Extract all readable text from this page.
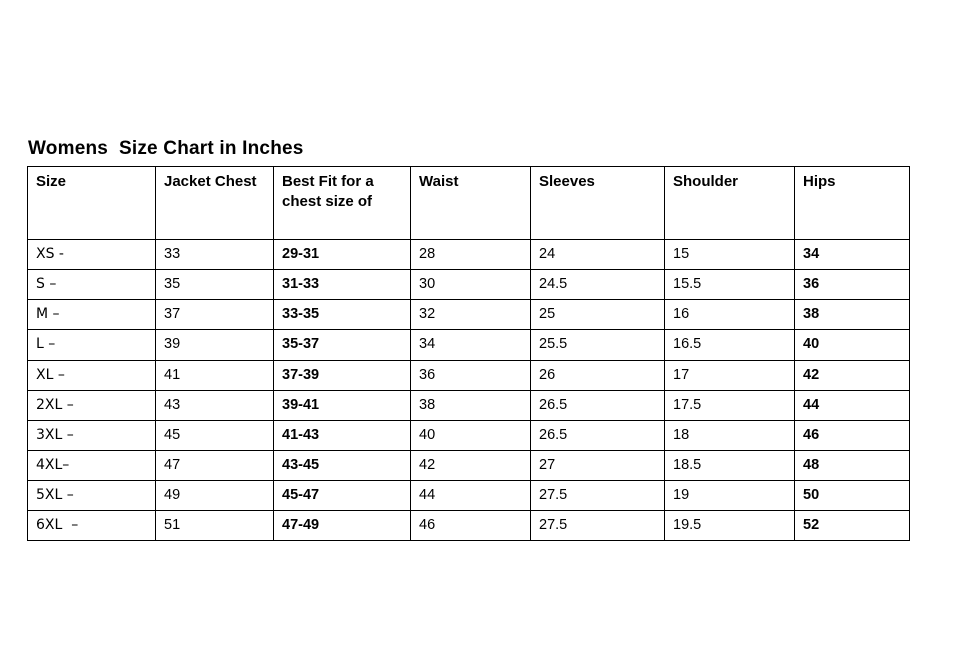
Womens  Size Chart in Inches
Size	Jacket Chest	Best Fit for a chest size of	Waist	Sleeves	Shoulder	Hips
XS -	33	29-31	28	24	15	34
S –	35	31-33	30	24.5	15.5	36
M –	37	33-35	32	25	16	38
L –	39	35-37	34	25.5	16.5	40
XL –	41	37-39	36	26	17	42
2XL –	43	39-41	38	26.5	17.5	44
3XL –	45	41-43	40	26.5	18	46
4XL–	47	43-45	42	27	18.5	48
5XL –	49	45-47	44	27.5	19	50
6XL  –	51	47-49	46	27.5	19.5	52
